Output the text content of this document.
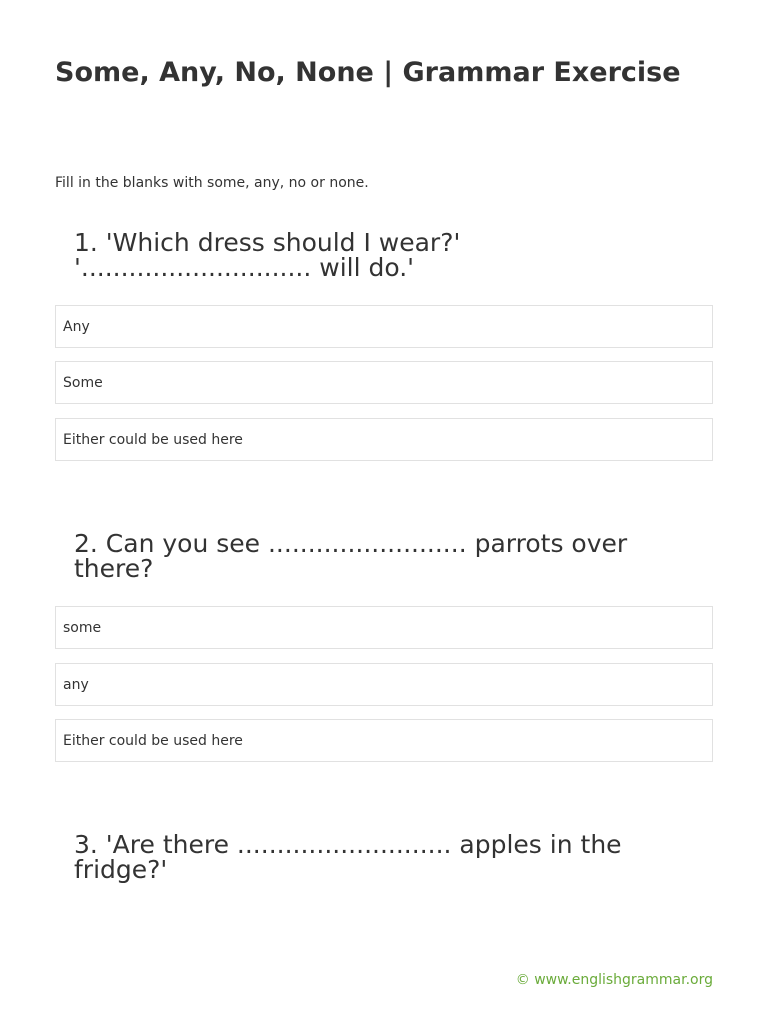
Some, Any, No, None | Grammar Exercise

Fill in the blanks with some, any, no or none.

1. 'Which dress should I wear?'
'............................. will do.'
Any
Some
Either could be used here
2. Can you see ......................... parrots over
there?
some
any
Either could be used here
3. 'Are there ........................... apples in the
fridge?'
© www.englishgrammar.org
